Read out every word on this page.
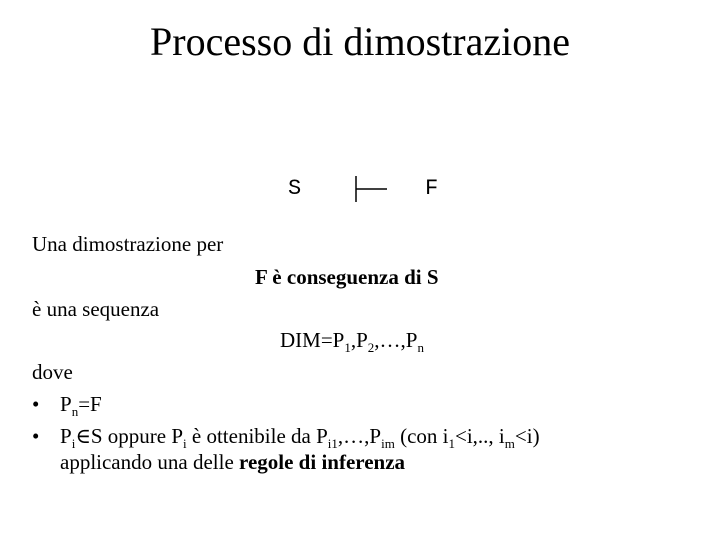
Processo di dimostrazione
S	F
Una dimostrazione per
F è conseguenza di S
è una sequenza
$DIM=P_1,P_2,\dots,P_n$
dove
• $P_n=F$
• $P_i\in S$ oppure $P_i$ è ottenibile da $P_{i1},\dots,P_{im}$ (con $i_1<i$,.., $i_m<i$)
applicando una delle regole di inferenza
